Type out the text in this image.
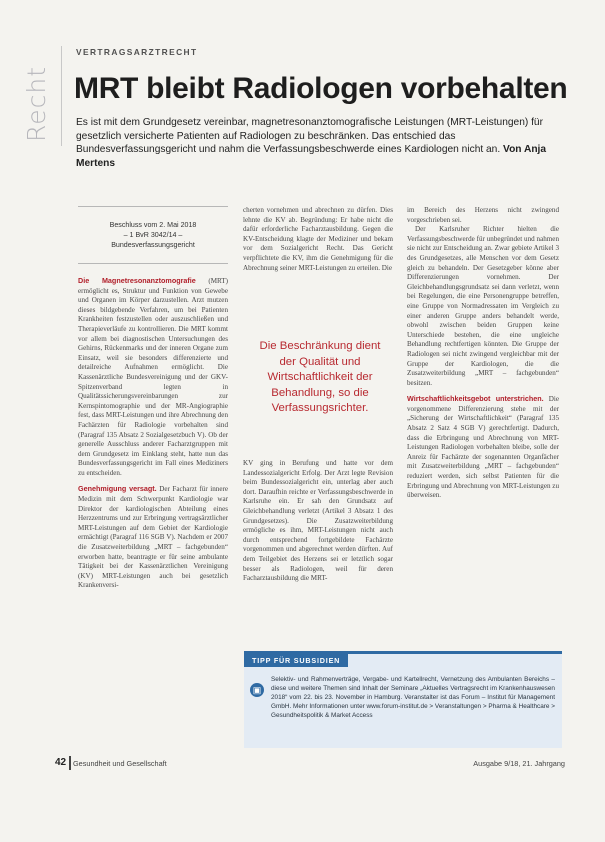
Recht
VERTRAGSARZTRECHT
MRT bleibt Radiologen vorbehalten
Es ist mit dem Grundgesetz vereinbar, magnetresonanztomografische Leistungen (MRT-Leistungen) für gesetzlich versicherte Patienten auf Radiologen zu beschränken. Das entschied das Bundesverfassungsgericht und nahm die Verfassungsbeschwerde eines Kardiologen nicht an. Von Anja Mertens
Beschluss vom 2. Mai 2018
– 1 BvR 3042/14 –
Bundesverfassungsgericht

Die Magnetresonanztomografie (MRT) ermöglicht es, Struktur und Funktion von Gewebe und Organen im Körper darzustellen. Arzt mutzen dieses bildgebende Verfahren, um bei Patienten Krankheiten festzustellen oder auszuschließen und Therapieverläufe zu kontrollieren. Die MRT kommt vor allem bei diagnostischen Untersuchungen des Gehirns, Rückenmarks und der inneren Organe zum Einsatz, weil sie besonders differenzierte und detailreiche Aufnahmen ermöglicht. Die Kassenärztliche Bundesvereinigung und der GKV-Spitzenverband legten in Qualitätssicherungsvereinbarungen zur Kernspintomographie und der MR-Angiographie fest, dass MRT-Leistungen und ihre Abrechnung den Fachärzten für Radiologie vorbehalten sind (Paragraf 135 Absatz 2 Sozialgesetzbuch V). Ob der generelle Ausschluss anderer Facharztgruppen mit dem Grundgesetz im Einklang steht, hatte nun das Bundesverfassungsgericht im Fall eines Mediziners zu entscheiden.

Genehmigung versagt. Der Facharzt für innere Medizin mit dem Schwerpunkt Kardiologie war Direktor der kardiologischen Abteilung eines Herzzentrums und zur Erbringung vertragsärztlicher MRT-Leistungen auf dem Gebiet der Kardiologie ermächtigt (Paragraf 116 SGB V). Nachdem er 2007 die Zusatzweiterbildung „MRT – fachgebunden“ erworben hatte, beantragte er für seine ambulante Tätigkeit bei der Kassenärztlichen Vereinigung (KV) MRT-Leistungen auch bei gesetzlich Krankenversi-

cherten vornehmen und abrechnen zu dürfen. Dies lehnte die KV ab. Begründung: Er habe nicht die dafür erforderliche Facharztausbildung. Gegen die KV-Entscheidung klagte der Mediziner und bekam vor dem Sozialgericht Recht. Das Gericht verpflichtete die KV, ihm die Genehmigung für die Abrechnung seiner MRT-Leistungen zu erteilen. Die

Die Beschränkung dient der Qualität und Wirtschaftlichkeit der Behandlung, so die Verfassungsrichter.

KV ging in Berufung und hatte vor dem Landessozialgericht Erfolg. Der Arzt legte Revision beim Bundessozialgericht ein, unterlag aber auch dort. Daraufhin reichte er Verfassungsbeschwerde in Karlsruhe ein. Er sah den Grundsatz auf Gleichbehandlung verletzt (Artikel 3 Absatz 1 des Grundgesetzes). Die Zusatzweiterbildung ermögliche es ihm, MRT-Leistungen nicht auch durch entsprechend fortgebildete Fachärzte vorgenommen und abgerechnet werden dürften. Auf dem Teilgebiet des Herzens sei er letztlich sogar besser als Radiologen, weil für deren Facharztausbildung die MRT-

im Bereich des Herzens nicht zwingend vorgeschrieben sei.

Der Karlsruher Richter hielten die Verfassungsbeschwerde für unbegründet und nahmen sie nicht zur Entscheidung an. Zwar gebiete Artikel 3 des Grundgesetzes, alle Menschen vor dem Gesetz gleich zu behandeln. Der Gesetzgeber könne aber Differenzierungen vornehmen. Der Gleichbehandlungsgrundsatz sei dann verletzt, wenn bei Regelungen, die eine Personengruppe betreffen, eine Gruppe von Normadressaten im Vergleich zu einer anderen Gruppe anders behandelt werde, obwohl zwischen beiden Gruppen keine Unterschiede bestehen, die eine ungleiche Behandlung rechtfertigen könnten. Die Gruppe der Radiologen sei nicht zwingend vergleichbar mit der Gruppe der Kardiologen, die die Zusatzweiterbildung „MRT – fachgebunden“ besitzen.

Wirtschaftlichkeitsgebot unterstrichen. Die vorgenommene Differenzierung stehe mit der „Sicherung der Wirtschaftlichkeit“ (Paragraf 135 Absatz 2 Satz 4 SGB V) gerechtfertigt. Dadurch, dass die Erbringung und Abrechnung von MRT-Leistungen Radiologen vorbehalten bleibe, solle der Anreiz für Fachärzte der sogenannten Organfächer mit Zusatzweiterbildung „MRT – fachgebunden“ reduziert werden, sich selbst Patienten für die Erbringung und Abrechnung von MRT-Leistungen zu überweisen.

TIPP FÜR SUBSIDIEN
▣
Selektiv- und Rahmenverträge, Vergabe- und Kartellrecht, Vernetzung des Ambulanten Bereichs – diese und weitere Themen sind Inhalt der Seminare „Aktuelles Vertragsrecht im Krankenhauswesen 2018“ vom 22. bis 23. November in Hamburg. Veranstalter ist das Forum – Institut für Management GmbH. Mehr Informationen unter www.forum-institut.de > Veranstaltungen > Pharma & Healthcare > Gesundheitspolitik & Market Access
42 Gesundheit und Gesellschaft	Ausgabe 9/18, 21. Jahrgang
